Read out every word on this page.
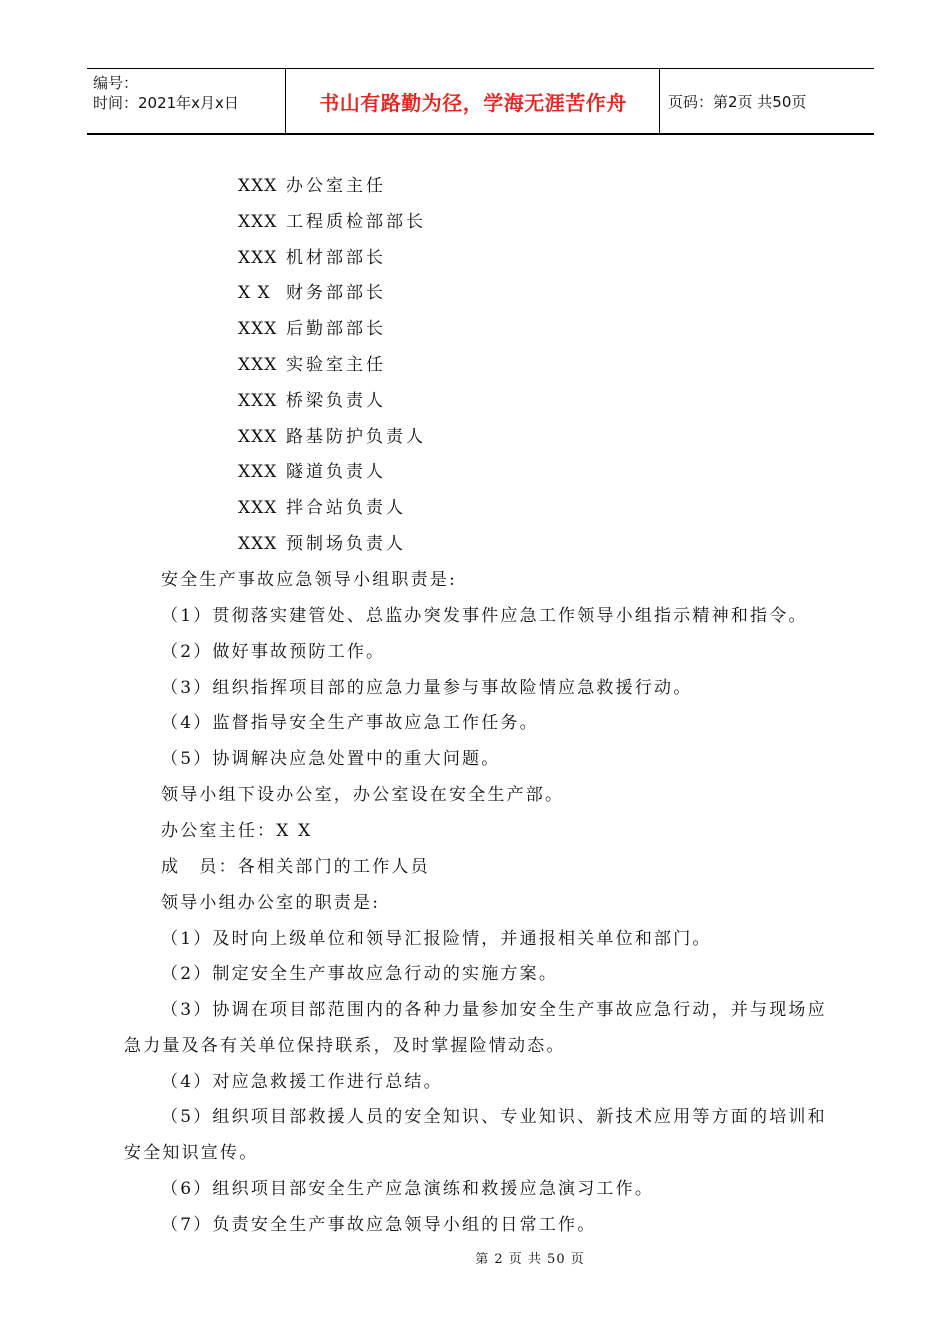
编号：
时间：2021年x月x日	书山有路勤为径，学海无涯苦作舟	页码：第2页 共50页
XXX 办公室主任
XXX 工程质检部部长
XXX 机材部部长
X X 财务部部长
XXX 后勤部部长
XXX 实验室主任
XXX 桥梁负责人
XXX 路基防护负责人
XXX 隧道负责人
XXX 拌合站负责人
XXX 预制场负责人
安全生产事故应急领导小组职责是:
（1）贯彻落实建管处、总监办突发事件应急工作领导小组指示精神和指令。
（2）做好事故预防工作。
（3）组织指挥项目部的应急力量参与事故险情应急救援行动。
（4）监督指导安全生产事故应急工作任务。
（5）协调解决应急处置中的重大问题。
领导小组下设办公室，办公室设在安全生产部。
办公室主任：X X
成　员：各相关部门的工作人员
领导小组办公室的职责是:
（1）及时向上级单位和领导汇报险情，并通报相关单位和部门。
（2）制定安全生产事故应急行动的实施方案。
（3）协调在项目部范围内的各种力量参加安全生产事故应急行动，并与现场应
急力量及各有关单位保持联系，及时掌握险情动态。
（4）对应急救援工作进行总结。
（5）组织项目部救援人员的安全知识、专业知识、新技术应用等方面的培训和
安全知识宣传。
（6）组织项目部安全生产应急演练和救援应急演习工作。
（7）负责安全生产事故应急领导小组的日常工作。
第 2 页 共 50 页
